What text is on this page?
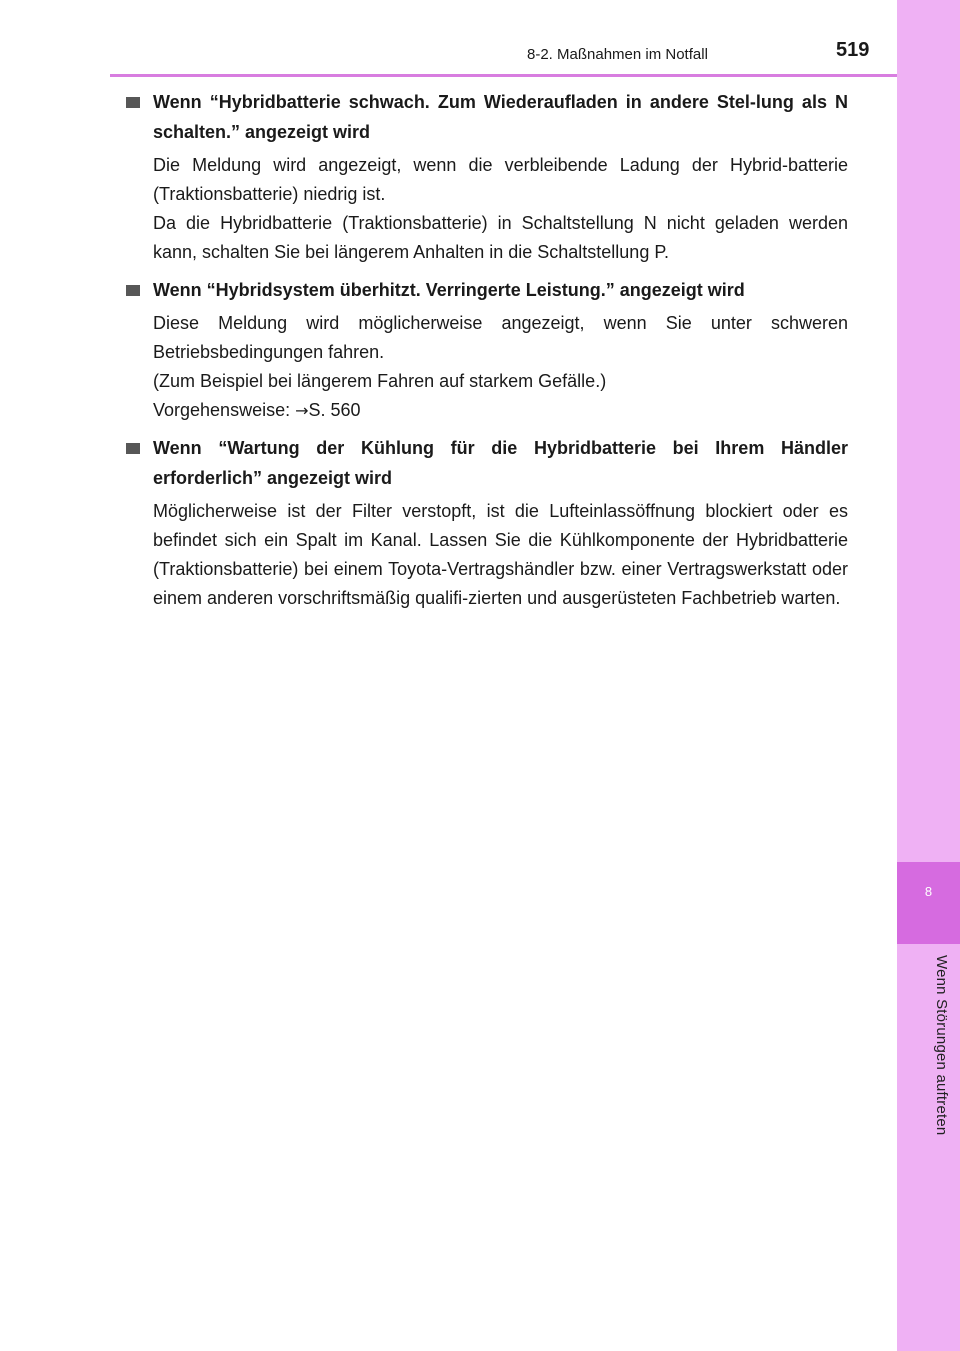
8
Wenn Störungen auftreten
8-2. Maßnahmen im Notfall	519
Wenn “Hybridbatterie schwach. Zum Wiederaufladen in andere Stel-lung als N schalten.” angezeigt wird

Die Meldung wird angezeigt, wenn die verbleibende Ladung der Hybrid-batterie (Traktionsbatterie) niedrig ist.

Da die Hybridbatterie (Traktionsbatterie) in Schaltstellung N nicht geladen werden kann, schalten Sie bei längerem Anhalten in die Schaltstellung P.

Wenn “Hybridsystem überhitzt. Verringerte Leistung.” angezeigt wird

Diese Meldung wird möglicherweise angezeigt, wenn Sie unter schweren Betriebsbedingungen fahren.

(Zum Beispiel bei längerem Fahren auf starkem Gefälle.)

Vorgehensweise: →S. 560

Wenn “Wartung der Kühlung für die Hybridbatterie bei Ihrem Händler erforderlich” angezeigt wird

Möglicherweise ist der Filter verstopft, ist die Lufteinlassöffnung blockiert oder es befindet sich ein Spalt im Kanal. Lassen Sie die Kühlkomponente der Hybridbatterie (Traktionsbatterie) bei einem Toyota-Vertragshändler bzw. einer Vertragswerkstatt oder einem anderen vorschriftsmäßig qualifi-zierten und ausgerüsteten Fachbetrieb warten.
